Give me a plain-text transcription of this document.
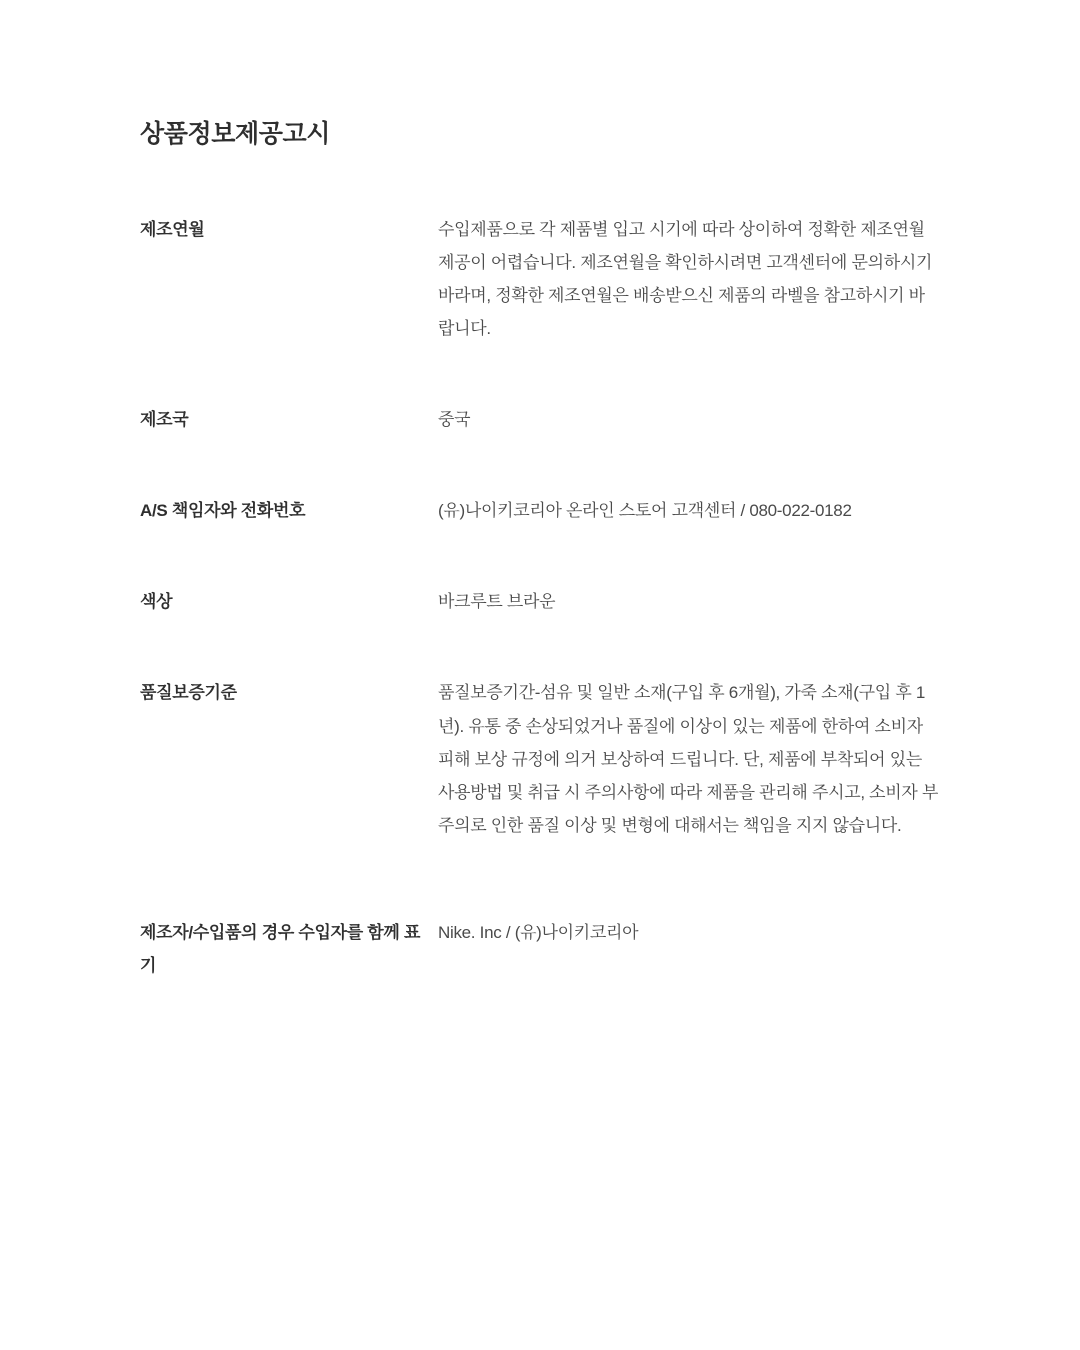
상품정보제공고시
제조연월	수입제품으로 각 제품별 입고 시기에 따라 상이하여 정확한 제조연월 제공이 어렵습니다. 제조연월을 확인하시려면 고객센터에 문의하시기 바라며, 정확한 제조연월은 배송받으신 제품의 라벨을 참고하시기 바랍니다.

제조국	중국

A/S 책임자와 전화번호	(유)나이키코리아 온라인 스토어 고객센터 / 080-022-0182

색상	바크루트 브라운

품질보증기준	품질보증기간-섬유 및 일반 소재(구입 후 6개월), 가죽 소재(구입 후 1년). 유통 중 손상되었거나 품질에 이상이 있는 제품에 한하여 소비자 피해 보상 규정에 의거 보상하여 드립니다. 단, 제품에 부착되어 있는 사용방법 및 취급 시 주의사항에 따라 제품을 관리해 주시고, 소비자 부주의로 인한 품질 이상 및 변형에 대해서는 책임을 지지 않습니다.

제조자/수입품의 경우 수입자를 함께 표기	Nike. Inc / (유)나이키코리아
